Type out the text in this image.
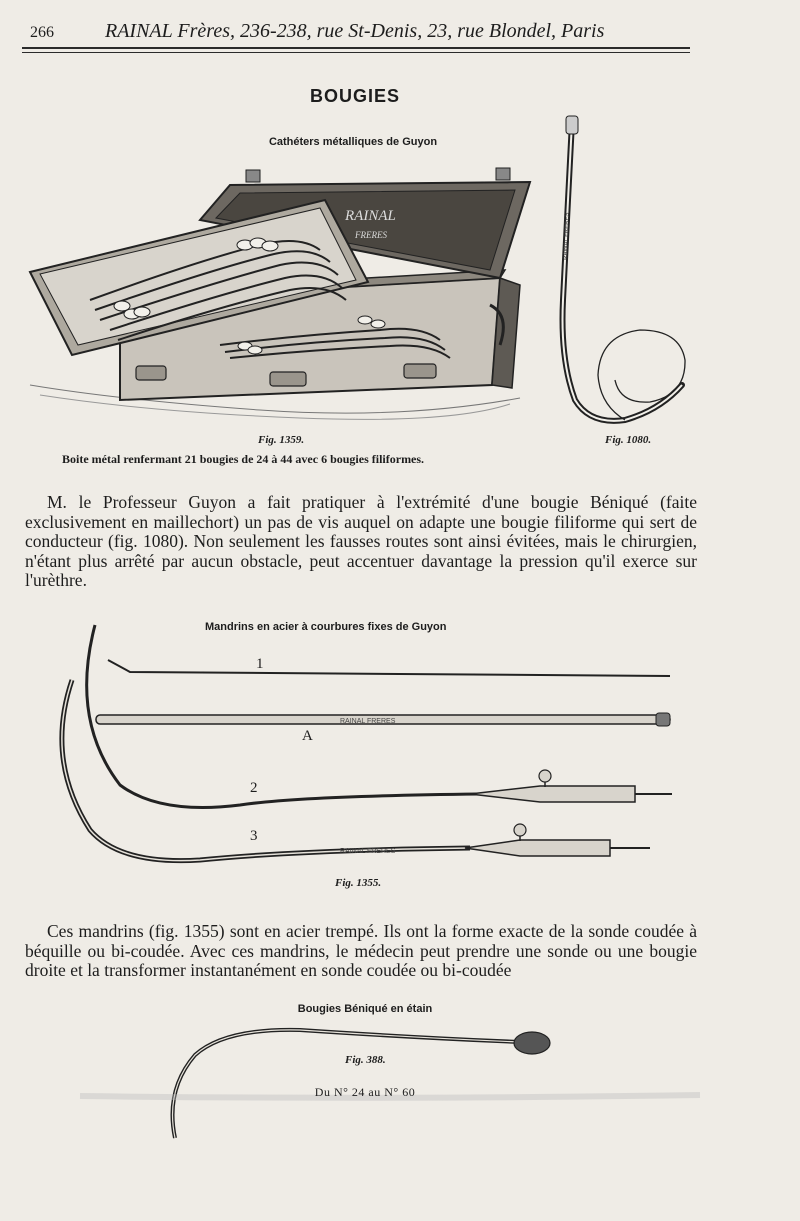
266	RAINAL Frères, 236-238, rue St-Denis, 23, rue Blondel, Paris
BOUGIES
Cathéters métalliques de Guyon
RAINAL
FRERES	RAINAL FRERES
RAINAL FRERES
RAINAL FRERES
Fig. 1359.	Fig. 1080.
Boite métal renfermant 21 bougies de 24 à 44 avec 6 bougies filiformes.
M. le Professeur Guyon a fait pratiquer à l'extrémité d'une bougie Béniqué (faite exclusivement en maillechort) un pas de vis auquel on adapte une bougie filiforme qui sert de conducteur (fig. 1080). Non seulement les fausses routes sont ainsi évitées, mais le chirurgien, n'étant plus arrêté par aucun obstacle, peut accentuer davantage la pression qu'il exerce sur l'urèthre.
Mandrins en acier à courbures fixes de Guyon
1
A
2
3
Fig. 1355.
Ces mandrins (fig. 1355) sont en acier trempé. Ils ont la forme exacte de la sonde coudée à béquille ou bi-coudée. Avec ces mandrins, le médecin peut prendre une sonde ou une bougie droite et la transformer instantanément en sonde coudée ou bi-coudée
Bougies Béniqué en étain
Fig. 388.
Du N° 24 au N° 60
